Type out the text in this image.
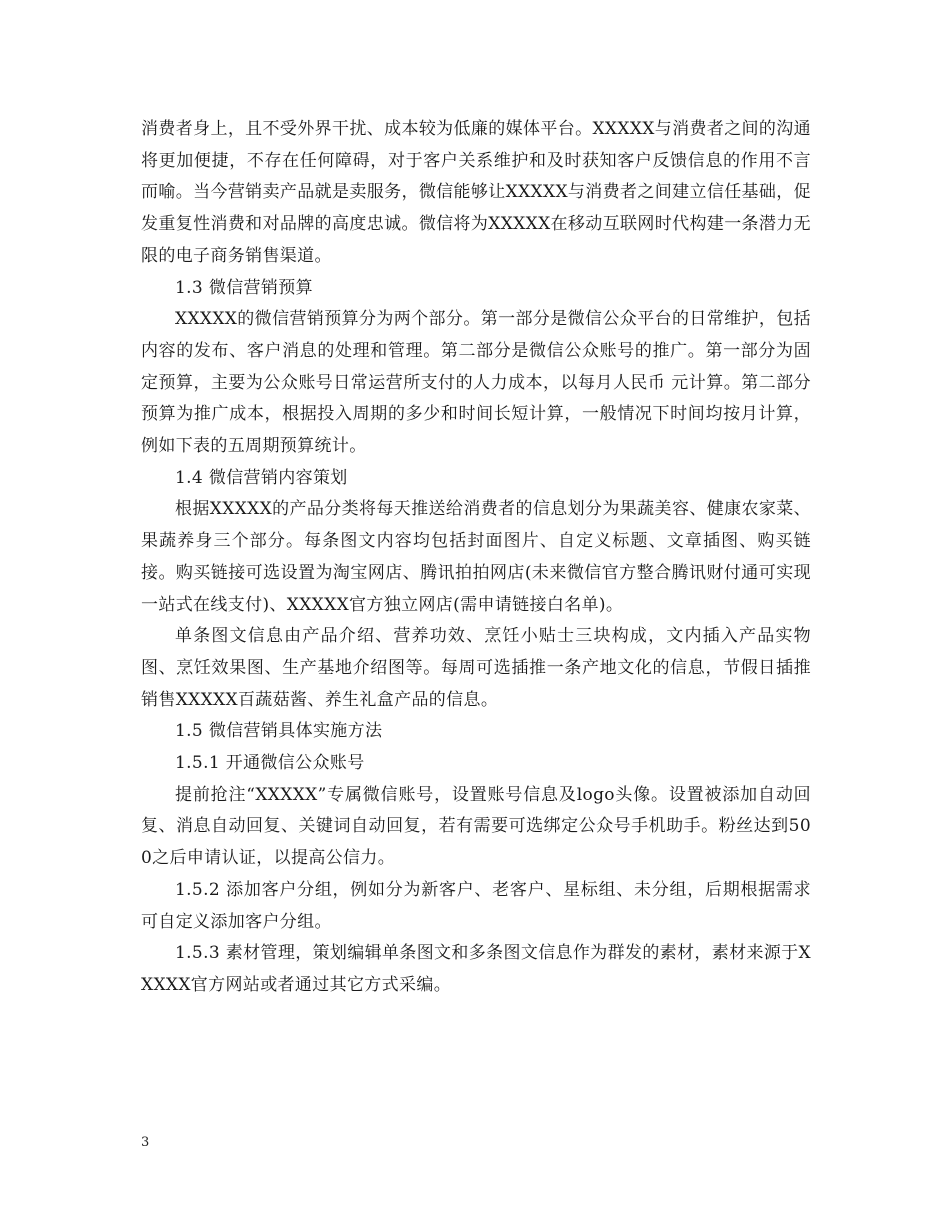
消费者身上，且不受外界干扰、成本较为低廉的媒体平台。XXXXX与消费者之间的沟通将更加便捷，不存在任何障碍，对于客户关系维护和及时获知客户反馈信息的作用不言而喻。当今营销卖产品就是卖服务，微信能够让XXXXX与消费者之间建立信任基础，促发重复性消费和对品牌的高度忠诚。微信将为XXXXX在移动互联网时代构建一条潜力无限的电子商务销售渠道。

1.3 微信营销预算

XXXXX的微信营销预算分为两个部分。第一部分是微信公众平台的日常维护，包括内容的发布、客户消息的处理和管理。第二部分是微信公众账号的推广。第一部分为固定预算，主要为公众账号日常运营所支付的人力成本，以每月人民币 元计算。第二部分预算为推广成本，根据投入周期的多少和时间长短计算，一般情况下时间均按月计算，例如下表的五周期预算统计。

1.4 微信营销内容策划

根据XXXXX的产品分类将每天推送给消费者的信息划分为果蔬美容、健康农家菜、果蔬养身三个部分。每条图文内容均包括封面图片、自定义标题、文章插图、购买链接。购买链接可选设置为淘宝网店、腾讯拍拍网店(未来微信官方整合腾讯财付通可实现一站式在线支付)、XXXXX官方独立网店(需申请链接白名单)。

单条图文信息由产品介绍、营养功效、烹饪小贴士三块构成，文内插入产品实物图、烹饪效果图、生产基地介绍图等。每周可选插推一条产地文化的信息，节假日插推销售XXXXX百蔬菇酱、养生礼盒产品的信息。

1.5 微信营销具体实施方法

1.5.1 开通微信公众账号

提前抢注“XXXXX”专属微信账号，设置账号信息及logo头像。设置被添加自动回复、消息自动回复、关键词自动回复，若有需要可选绑定公众号手机助手。粉丝达到500之后申请认证，以提高公信力。

1.5.2 添加客户分组，例如分为新客户、老客户、星标组、未分组，后期根据需求可自定义添加客户分组。

1.5.3 素材管理，策划编辑单条图文和多条图文信息作为群发的素材，素材来源于XXXXX官方网站或者通过其它方式采编。

3
